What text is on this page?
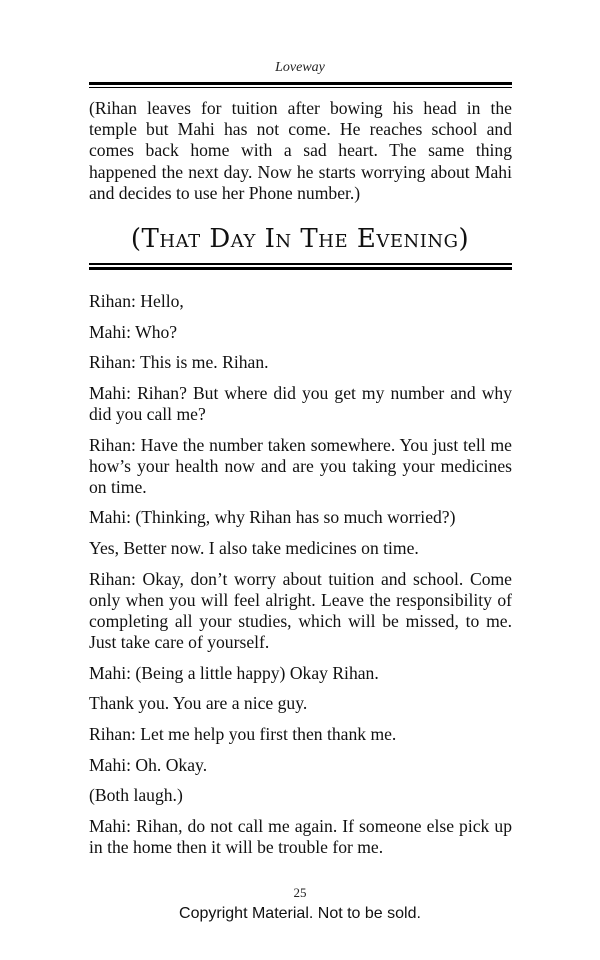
Loveway

(Rihan leaves for tuition after bowing his head in the temple but Mahi has not come. He reaches school and comes back home with a sad heart. The same thing happened the next day. Now he starts worrying about Mahi and decides to use her Phone number.)

(That Day In The Evening)

Rihan: Hello,

Mahi: Who?

Rihan: This is me. Rihan.

Mahi: Rihan? But where did you get my number and why did you call me?

Rihan: Have the number taken somewhere. You just tell me how’s your health now and are you taking your medicines on time.

Mahi: (Thinking, why Rihan has so much worried?)

Yes, Better now. I also take medicines on time.

Rihan: Okay, don’t worry about tuition and school. Come only when you will feel alright. Leave the responsibility of completing all your studies, which will be missed, to me. Just take care of yourself.

Mahi: (Being a little happy) Okay Rihan.

Thank you. You are a nice guy.

Rihan: Let me help you first then thank me.

Mahi: Oh. Okay.

(Both laugh.)

Mahi: Rihan, do not call me again. If someone else pick up in the home then it will be trouble for me.

25
Copyright Material. Not to be sold.
